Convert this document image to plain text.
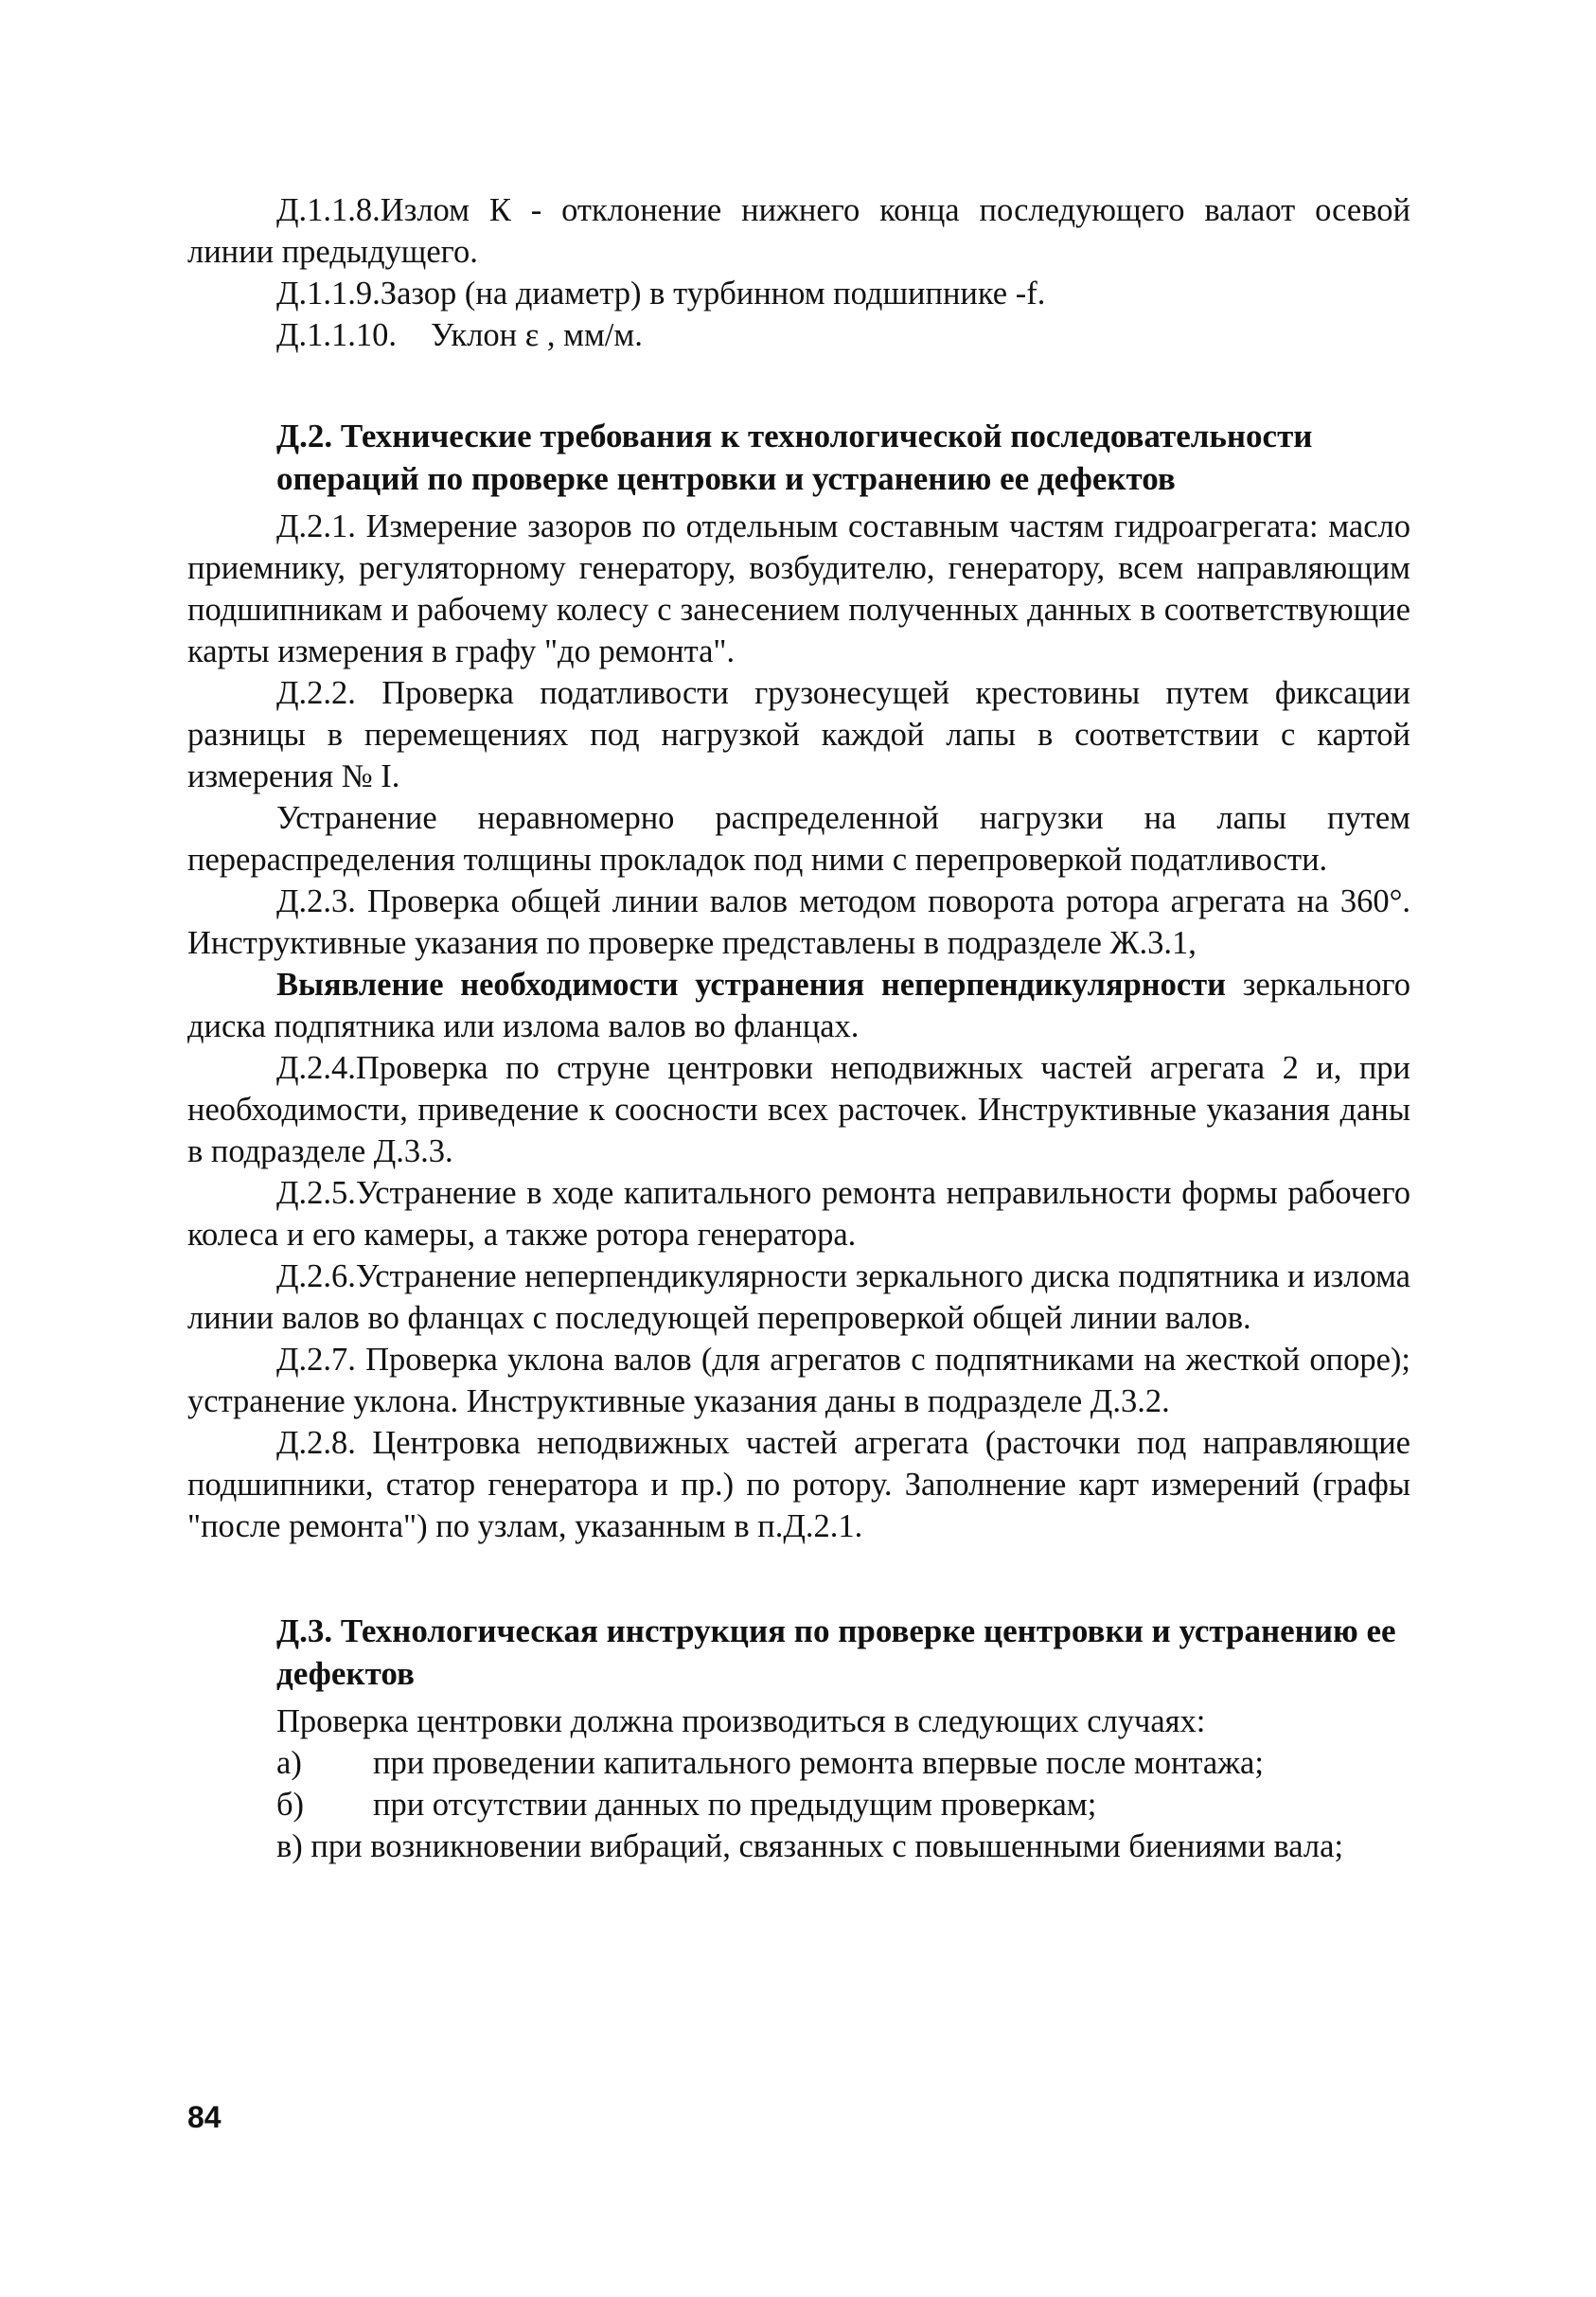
Д.1.1.8.Излом К - отклонение нижнего конца последующего валаот осевой линии предыдущего.

Д.1.1.9.Зазор (на диаметр) в турбинном подшипнике -f.

Д.1.1.10. Уклон ε , мм/м.

Д.2. Технические требования к технологической последовательности операций по проверке центровки и устранению ее дефектов

Д.2.1. Измерение зазоров по отдельным составным частям гидроагрегата: масло приемнику, регуляторному генератору, возбудителю, генератору, всем направляющим подшипникам и рабочему колесу с занесением полученных данных в соответствующие карты измерения в графу "до ремонта".

Д.2.2. Проверка податливости грузонесущей крестовины путем фиксации разницы в перемещениях под нагрузкой каждой лапы в соответствии с картой измерения № I.

Устранение неравномерно распределенной нагрузки на лапы путем перераспределения толщины прокладок под ними с перепроверкой податливости.

Д.2.3. Проверка общей линии валов методом поворота ротора агрегата на 360°. Инструктивные указания по проверке представлены в подразделе Ж.3.1,

Выявление необходимости устранения неперпендикулярности зеркального диска подпятника или излома валов во фланцах.

Д.2.4.Проверка по струне центровки неподвижных частей агрегата 2 и, при необходимости, приведение к соосности всех расточек. Инструктивные указания даны в подразделе Д.3.3.

Д.2.5.Устранение в ходе капитального ремонта неправильности формы рабочего колеса и его камеры, а также ротора генератора.

Д.2.6.Устранение неперпендикулярности зеркального диска подпятника и излома линии валов во фланцах с последующей перепроверкой общей линии валов.

Д.2.7. Проверка уклона валов (для агрегатов с подпятниками на жесткой опоре); устранение уклона. Инструктивные указания даны в подразделе Д.3.2.

Д.2.8. Центровка неподвижных частей агрегата (расточки под направляющие подшипники, статор генератора и пр.) по ротору. Заполнение карт измерений (графы "после ремонта") по узлам, указанным в п.Д.2.1.

Д.3. Технологическая инструкция по проверке центровки и устранению ее дефектов

Проверка центровки должна производиться в следующих случаях:

а)	при проведении капитального ремонта впервые после монтажа;
б)	при отсутствии данных по предыдущим проверкам;

в) при возникновении вибраций, связанных с повышенными биениями вала;

84
